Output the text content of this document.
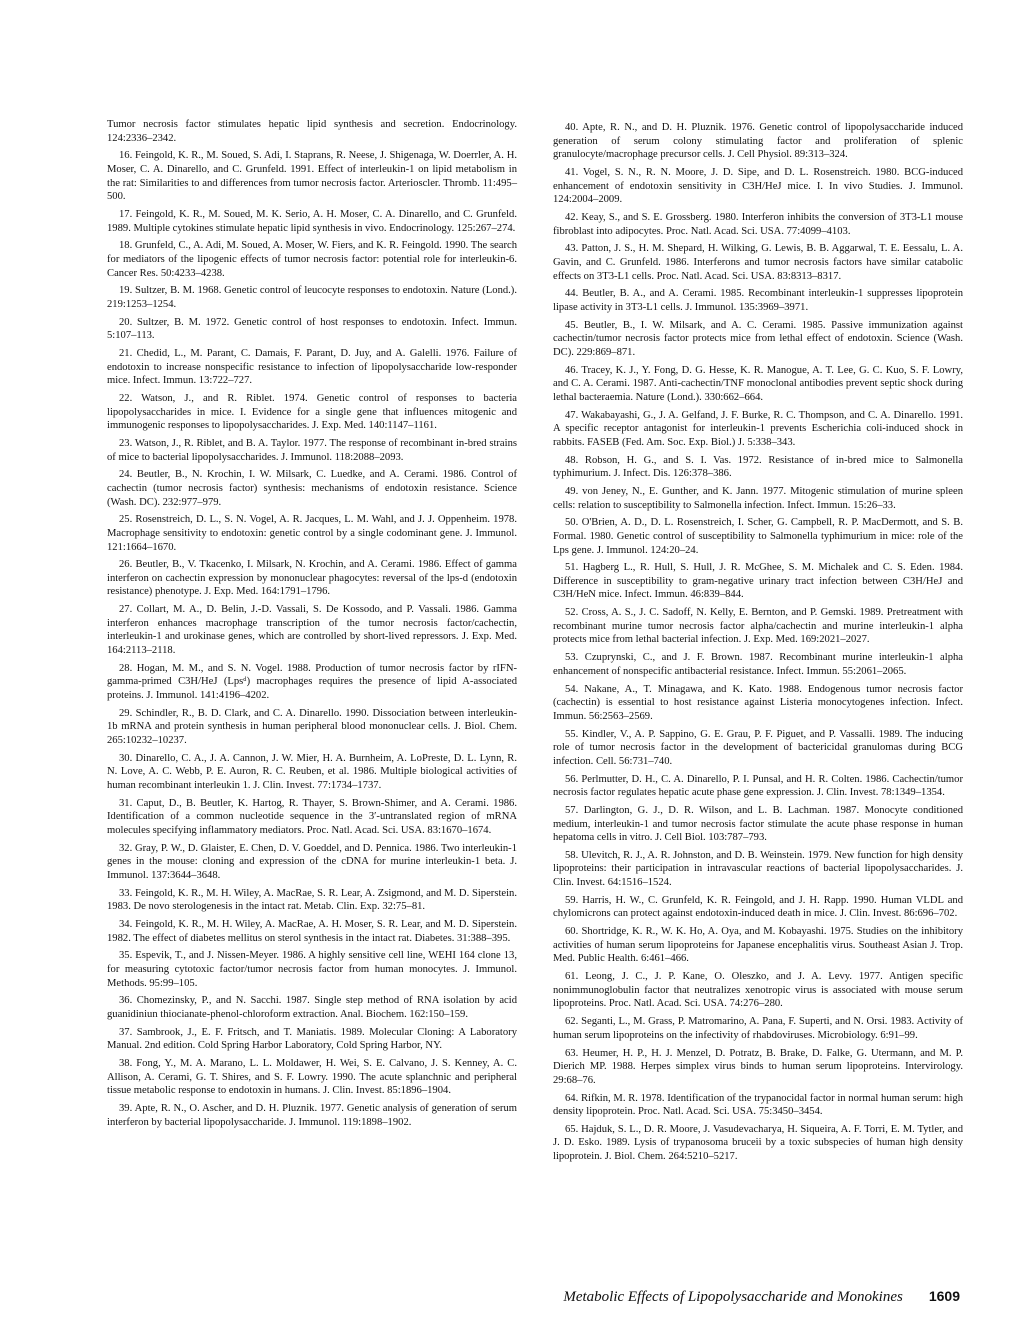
Tumor necrosis factor stimulates hepatic lipid synthesis and secretion. Endocrinology. 124:2336–2342.

16. Feingold, K. R., M. Soued, S. Adi, I. Staprans, R. Neese, J. Shigenaga, W. Doerrler, A. H. Moser, C. A. Dinarello, and C. Grunfeld. 1991. Effect of interleukin-1 on lipid metabolism in the rat: Similarities to and differences from tumor necrosis factor. Arterioscler. Thromb. 11:495–500.

17. Feingold, K. R., M. Soued, M. K. Serio, A. H. Moser, C. A. Dinarello, and C. Grunfeld. 1989. Multiple cytokines stimulate hepatic lipid synthesis in vivo. Endocrinology. 125:267–274.

18. Grunfeld, C., A. Adi, M. Soued, A. Moser, W. Fiers, and K. R. Feingold. 1990. The search for mediators of the lipogenic effects of tumor necrosis factor: potential role for interleukin-6. Cancer Res. 50:4233–4238.

19. Sultzer, B. M. 1968. Genetic control of leucocyte responses to endotoxin. Nature (Lond.). 219:1253–1254.

20. Sultzer, B. M. 1972. Genetic control of host responses to endotoxin. Infect. Immun. 5:107–113.

21. Chedid, L., M. Parant, C. Damais, F. Parant, D. Juy, and A. Galelli. 1976. Failure of endotoxin to increase nonspecific resistance to infection of lipopolysaccharide low-responder mice. Infect. Immun. 13:722–727.

22. Watson, J., and R. Riblet. 1974. Genetic control of responses to bacteria lipopolysaccharides in mice. I. Evidence for a single gene that influences mitogenic and immunogenic responses to lipopolysaccharides. J. Exp. Med. 140:1147–1161.

23. Watson, J., R. Riblet, and B. A. Taylor. 1977. The response of recombinant in-bred strains of mice to bacterial lipopolysaccharides. J. Immunol. 118:2088–2093.

24. Beutler, B., N. Krochin, I. W. Milsark, C. Luedke, and A. Cerami. 1986. Control of cachectin (tumor necrosis factor) synthesis: mechanisms of endotoxin resistance. Science (Wash. DC). 232:977–979.

25. Rosenstreich, D. L., S. N. Vogel, A. R. Jacques, L. M. Wahl, and J. J. Oppenheim. 1978. Macrophage sensitivity to endotoxin: genetic control by a single codominant gene. J. Immunol. 121:1664–1670.

26. Beutler, B., V. Tkacenko, I. Milsark, N. Krochin, and A. Cerami. 1986. Effect of gamma interferon on cachectin expression by mononuclear phagocytes: reversal of the lps-d (endotoxin resistance) phenotype. J. Exp. Med. 164:1791–1796.

27. Collart, M. A., D. Belin, J.-D. Vassali, S. De Kossodo, and P. Vassali. 1986. Gamma interferon enhances macrophage transcription of the tumor necrosis factor/cachectin, interleukin-1 and urokinase genes, which are controlled by short-lived repressors. J. Exp. Med. 164:2113–2118.

28. Hogan, M. M., and S. N. Vogel. 1988. Production of tumor necrosis factor by rIFN-gamma-primed C3H/HeJ (Lpsᵈ) macrophages requires the presence of lipid A-associated proteins. J. Immunol. 141:4196–4202.

29. Schindler, R., B. D. Clark, and C. A. Dinarello. 1990. Dissociation between interleukin-1b mRNA and protein synthesis in human peripheral blood mononuclear cells. J. Biol. Chem. 265:10232–10237.

30. Dinarello, C. A., J. A. Cannon, J. W. Mier, H. A. Burnheim, A. LoPreste, D. L. Lynn, R. N. Love, A. C. Webb, P. E. Auron, R. C. Reuben, et al. 1986. Multiple biological activities of human recombinant interleukin 1. J. Clin. Invest. 77:1734–1737.

31. Caput, D., B. Beutler, K. Hartog, R. Thayer, S. Brown-Shimer, and A. Cerami. 1986. Identification of a common nucleotide sequence in the 3′-untranslated region of mRNA molecules specifying inflammatory mediators. Proc. Natl. Acad. Sci. USA. 83:1670–1674.

32. Gray, P. W., D. Glaister, E. Chen, D. V. Goeddel, and D. Pennica. 1986. Two interleukin-1 genes in the mouse: cloning and expression of the cDNA for murine interleukin-1 beta. J. Immunol. 137:3644–3648.

33. Feingold, K. R., M. H. Wiley, A. MacRae, S. R. Lear, A. Zsigmond, and M. D. Siperstein. 1983. De novo sterologenesis in the intact rat. Metab. Clin. Exp. 32:75–81.

34. Feingold, K. R., M. H. Wiley, A. MacRae, A. H. Moser, S. R. Lear, and M. D. Siperstein. 1982. The effect of diabetes mellitus on sterol synthesis in the intact rat. Diabetes. 31:388–395.

35. Espevik, T., and J. Nissen-Meyer. 1986. A highly sensitive cell line, WEHI 164 clone 13, for measuring cytotoxic factor/tumor necrosis factor from human monocytes. J. Immunol. Methods. 95:99–105.

36. Chomezinsky, P., and N. Sacchi. 1987. Single step method of RNA isolation by acid guanidiniun thiocianate-phenol-chloroform extraction. Anal. Biochem. 162:150–159.

37. Sambrook, J., E. F. Fritsch, and T. Maniatis. 1989. Molecular Cloning: A Laboratory Manual. 2nd edition. Cold Spring Harbor Laboratory, Cold Spring Harbor, NY.

38. Fong, Y., M. A. Marano, L. L. Moldawer, H. Wei, S. E. Calvano, J. S. Kenney, A. C. Allison, A. Cerami, G. T. Shires, and S. F. Lowry. 1990. The acute splanchnic and peripheral tissue metabolic response to endotoxin in humans. J. Clin. Invest. 85:1896–1904.

39. Apte, R. N., O. Ascher, and D. H. Pluznik. 1977. Genetic analysis of generation of serum interferon by bacterial lipopolysaccharide. J. Immunol. 119:1898–1902.

40. Apte, R. N., and D. H. Pluznik. 1976. Genetic control of lipopolysaccharide induced generation of serum colony stimulating factor and proliferation of splenic granulocyte/macrophage precursor cells. J. Cell Physiol. 89:313–324.

41. Vogel, S. N., R. N. Moore, J. D. Sipe, and D. L. Rosenstreich. 1980. BCG-induced enhancement of endotoxin sensitivity in C3H/HeJ mice. I. In vivo Studies. J. Immunol. 124:2004–2009.

42. Keay, S., and S. E. Grossberg. 1980. Interferon inhibits the conversion of 3T3-L1 mouse fibroblast into adipocytes. Proc. Natl. Acad. Sci. USA. 77:4099–4103.

43. Patton, J. S., H. M. Shepard, H. Wilking, G. Lewis, B. B. Aggarwal, T. E. Eessalu, L. A. Gavin, and C. Grunfeld. 1986. Interferons and tumor necrosis factors have similar catabolic effects on 3T3-L1 cells. Proc. Natl. Acad. Sci. USA. 83:8313–8317.

44. Beutler, B. A., and A. Cerami. 1985. Recombinant interleukin-1 suppresses lipoprotein lipase activity in 3T3-L1 cells. J. Immunol. 135:3969–3971.

45. Beutler, B., I. W. Milsark, and A. C. Cerami. 1985. Passive immunization against cachectin/tumor necrosis factor protects mice from lethal effect of endotoxin. Science (Wash. DC). 229:869–871.

46. Tracey, K. J., Y. Fong, D. G. Hesse, K. R. Manogue, A. T. Lee, G. C. Kuo, S. F. Lowry, and C. A. Cerami. 1987. Anti-cachectin/TNF monoclonal antibodies prevent septic shock during lethal bacteraemia. Nature (Lond.). 330:662–664.

47. Wakabayashi, G., J. A. Gelfand, J. F. Burke, R. C. Thompson, and C. A. Dinarello. 1991. A specific receptor antagonist for interleukin-1 prevents Escherichia coli-induced shock in rabbits. FASEB (Fed. Am. Soc. Exp. Biol.) J. 5:338–343.

48. Robson, H. G., and S. I. Vas. 1972. Resistance of in-bred mice to Salmonella typhimurium. J. Infect. Dis. 126:378–386.

49. von Jeney, N., E. Gunther, and K. Jann. 1977. Mitogenic stimulation of murine spleen cells: relation to susceptibility to Salmonella infection. Infect. Immun. 15:26–33.

50. O'Brien, A. D., D. L. Rosenstreich, I. Scher, G. Campbell, R. P. MacDermott, and S. B. Formal. 1980. Genetic control of susceptibility to Salmonella typhimurium in mice: role of the Lps gene. J. Immunol. 124:20–24.

51. Hagberg L., R. Hull, S. Hull, J. R. McGhee, S. M. Michalek and C. S. Eden. 1984. Difference in susceptibility to gram-negative urinary tract infection between C3H/HeJ and C3H/HeN mice. Infect. Immun. 46:839–844.

52. Cross, A. S., J. C. Sadoff, N. Kelly, E. Bernton, and P. Gemski. 1989. Pretreatment with recombinant murine tumor necrosis factor alpha/cachectin and murine interleukin-1 alpha protects mice from lethal bacterial infection. J. Exp. Med. 169:2021–2027.

53. Czuprynski, C., and J. F. Brown. 1987. Recombinant murine interleukin-1 alpha enhancement of nonspecific antibacterial resistance. Infect. Immun. 55:2061–2065.

54. Nakane, A., T. Minagawa, and K. Kato. 1988. Endogenous tumor necrosis factor (cachectin) is essential to host resistance against Listeria monocytogenes infection. Infect. Immun. 56:2563–2569.

55. Kindler, V., A. P. Sappino, G. E. Grau, P. F. Piguet, and P. Vassalli. 1989. The inducing role of tumor necrosis factor in the development of bactericidal granulomas during BCG infection. Cell. 56:731–740.

56. Perlmutter, D. H., C. A. Dinarello, P. I. Punsal, and H. R. Colten. 1986. Cachectin/tumor necrosis factor regulates hepatic acute phase gene expression. J. Clin. Invest. 78:1349–1354.

57. Darlington, G. J., D. R. Wilson, and L. B. Lachman. 1987. Monocyte conditioned medium, interleukin-1 and tumor necrosis factor stimulate the acute phase response in human hepatoma cells in vitro. J. Cell Biol. 103:787–793.

58. Ulevitch, R. J., A. R. Johnston, and D. B. Weinstein. 1979. New function for high density lipoproteins: their participation in intravascular reactions of bacterial lipopolysaccharides. J. Clin. Invest. 64:1516–1524.

59. Harris, H. W., C. Grunfeld, K. R. Feingold, and J. H. Rapp. 1990. Human VLDL and chylomicrons can protect against endotoxin-induced death in mice. J. Clin. Invest. 86:696–702.

60. Shortridge, K. R., W. K. Ho, A. Oya, and M. Kobayashi. 1975. Studies on the inhibitory activities of human serum lipoproteins for Japanese encephalitis virus. Southeast Asian J. Trop. Med. Public Health. 6:461–466.

61. Leong, J. C., J. P. Kane, O. Oleszko, and J. A. Levy. 1977. Antigen specific nonimmunoglobulin factor that neutralizes xenotropic virus is associated with mouse serum lipoproteins. Proc. Natl. Acad. Sci. USA. 74:276–280.

62. Seganti, L., M. Grass, P. Matromarino, A. Pana, F. Superti, and N. Orsi. 1983. Activity of human serum lipoproteins on the infectivity of rhabdoviruses. Microbiology. 6:91–99.

63. Heumer, H. P., H. J. Menzel, D. Potratz, B. Brake, D. Falke, G. Utermann, and M. P. Dierich MP. 1988. Herpes simplex virus binds to human serum lipoproteins. Intervirology. 29:68–76.

64. Rifkin, M. R. 1978. Identification of the trypanocidal factor in normal human serum: high density lipoprotein. Proc. Natl. Acad. Sci. USA. 75:3450–3454.

65. Hajduk, S. L., D. R. Moore, J. Vasudevacharya, H. Siqueira, A. F. Torri, E. M. Tytler, and J. D. Esko. 1989. Lysis of trypanosoma bruceii by a toxic subspecies of human high density lipoprotein. J. Biol. Chem. 264:5210–5217.

Metabolic Effects of Lipopolysaccharide and Monokines 1609
